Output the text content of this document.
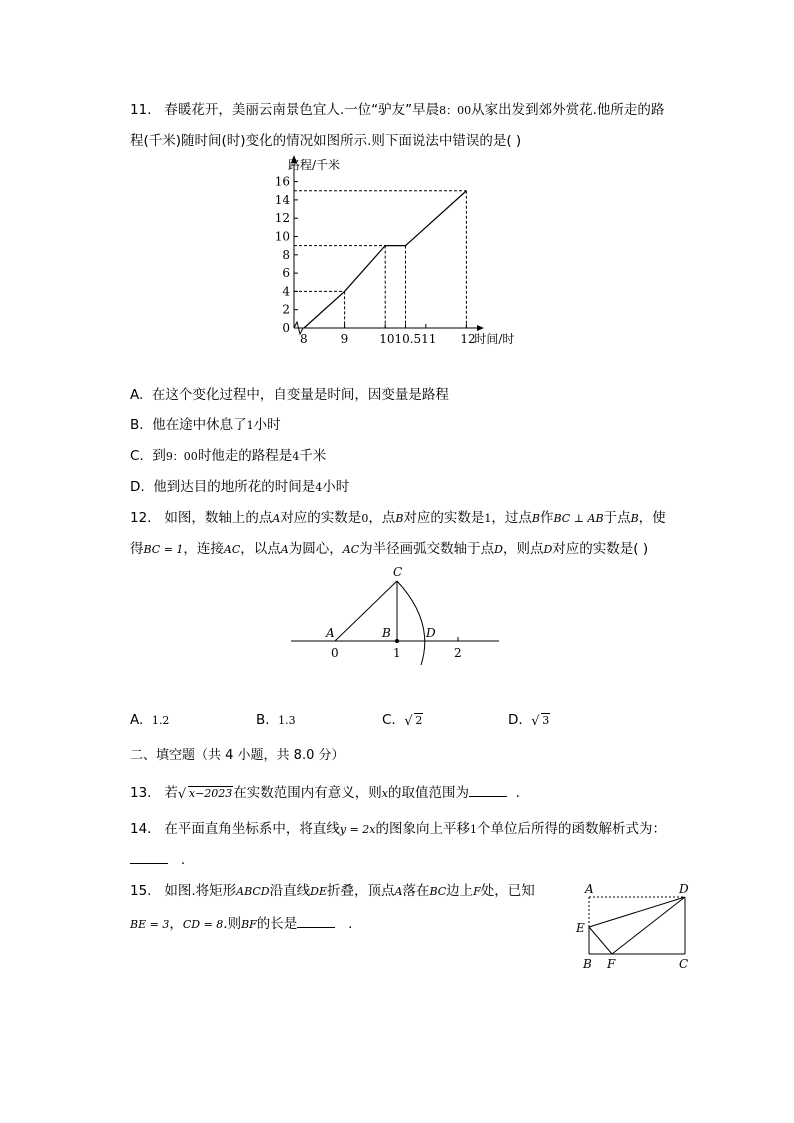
11. 春暖花开，美丽云南景色宜人.一位“驴友”早晨8：00从家出发到郊外赏花.他所走的路
程(千米)随时间(时)变化的情况如图所示.则下面说法中错误的是( )
0
2
4
6
8
10
12
14
16
8	9	1010.511 12
路程/千米
时间/时
A. 在这个变化过程中，自变量是时间，因变量是路程
B. 他在途中休息了1小时
C. 到9：00时他走的路程是4千米
D. 他到达目的地所花的时间是4小时
12. 如图，数轴上的点A对应的实数是0，点B对应的实数是1，过点B作BC ⊥ AB于点B，使
得BC = 1，连接AC，以点A为圆心，AC为半径画弧交数轴于点D，则点D对应的实数是( )
C
A	B	D
0	1	2
A. 1.2	B. 1.3	C. √ 2	D. √ 3
二、填空题（共 4 小题，共 8.0 分）
13. 若 √ x−2023在实数范围内有意义，则x的取值范围为	.
14. 在平面直角坐标系中，将直线y = 2x的图象向上平移1个单位后所得的函数解析式为：
.
15. 如图.将矩形ABCD沿直线DE折叠，顶点A落在BC边上F处，已知
BE = 3，CD = 8.则BF的长是	.
A	D
E
B F	C
